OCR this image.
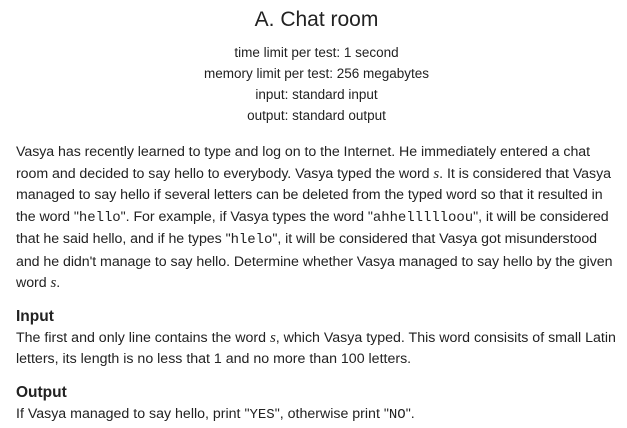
A. Chat room
time limit per test: 1 second
memory limit per test: 256 megabytes
input: standard input
output: standard output
Vasya has recently learned to type and log on to the Internet. He immediately entered a chat room and decided to say hello to everybody. Vasya typed the word s. It is considered that Vasya managed to say hello if several letters can be deleted from the typed word so that it resulted in the word "hello". For example, if Vasya types the word "ahhellllloou", it will be considered that he said hello, and if he types "hlelo", it will be considered that Vasya got misunderstood and he didn't manage to say hello. Determine whether Vasya managed to say hello by the given word s.
Input
The first and only line contains the word s, which Vasya typed. This word consisits of small Latin letters, its length is no less that 1 and no more than 100 letters.
Output
If Vasya managed to say hello, print "YES", otherwise print "NO".
